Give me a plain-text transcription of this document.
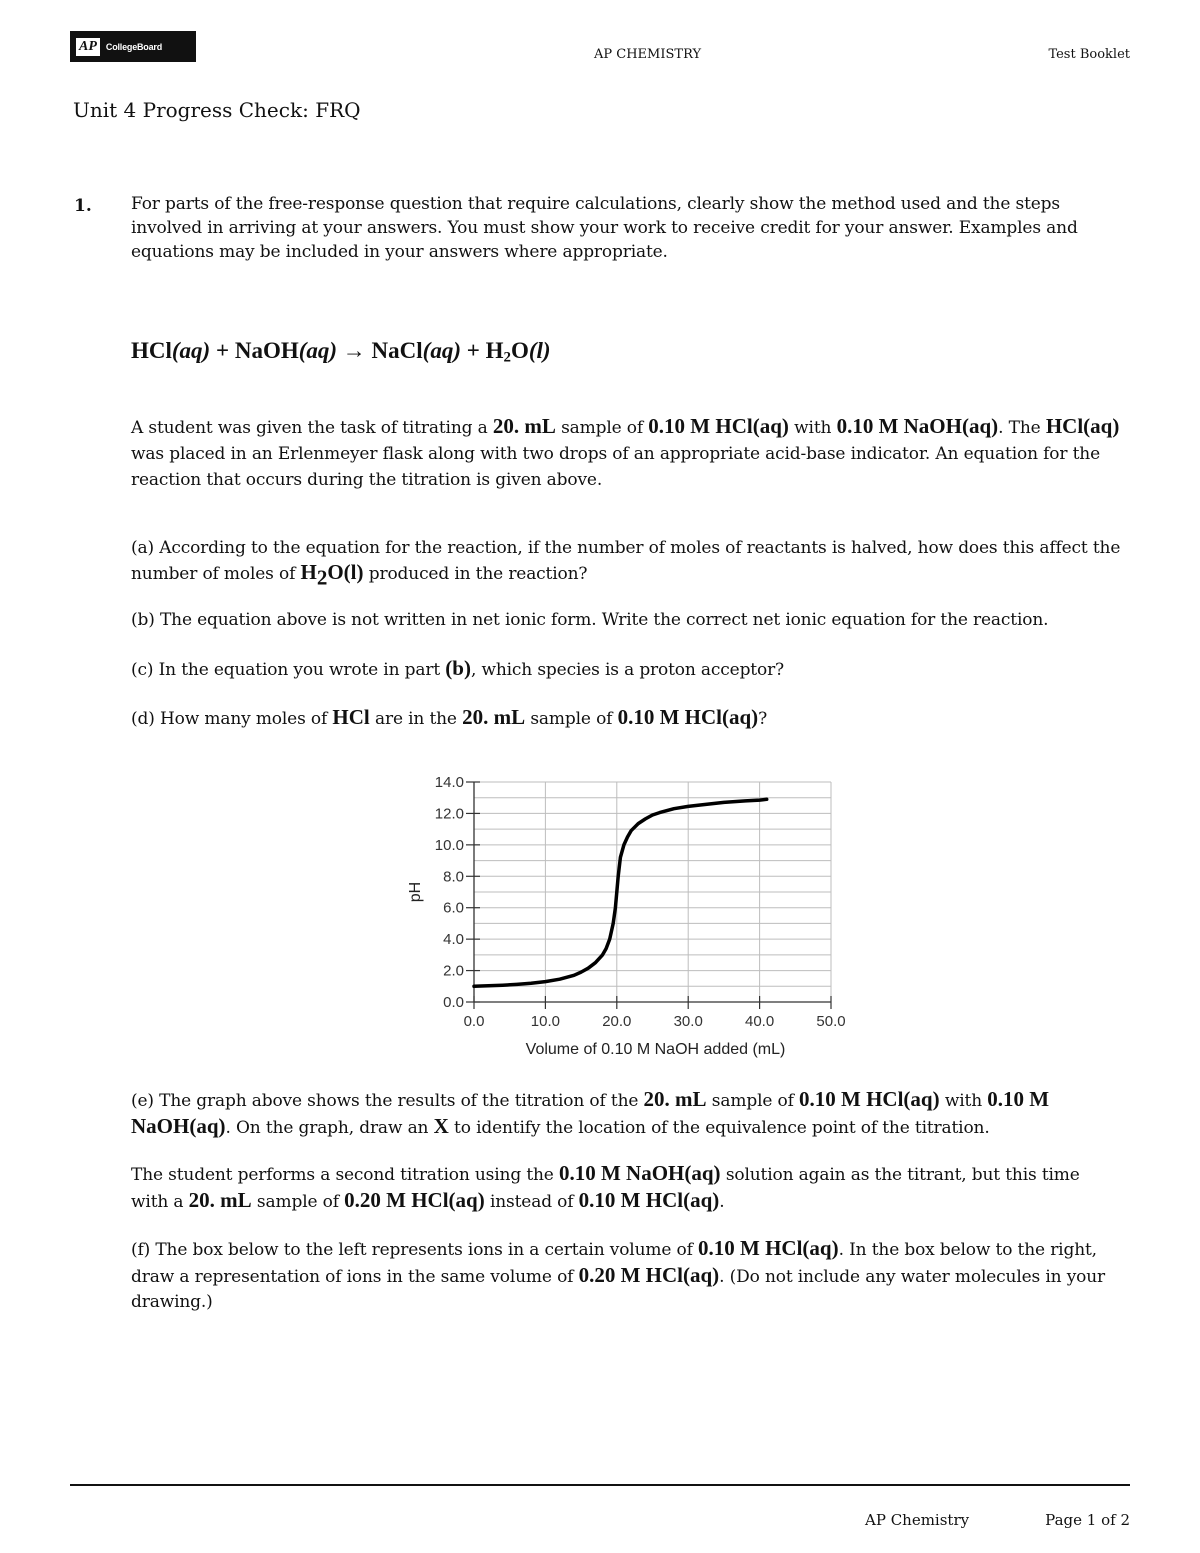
AP	CollegeBoard
AP CHEMISTRY	Test Booklet
Unit 4 Progress Check: FRQ
1. For parts of the free-response question that require calculations, clearly show the method used and the steps involved in arriving at your answers. You must show your work to receive credit for your answer. Examples and equations may be included in your answers where appropriate.

HCl(aq) + NaOH(aq) → NaCl(aq) + $H_2O(l)$

A student was given the task of titrating a 20. mL sample of 0.10 M HCl(aq) with 0.10 M NaOH(aq). The HCl(aq) was placed in an Erlenmeyer flask along with two drops of an appropriate acid-base indicator. An equation for the reaction that occurs during the titration is given above.

(a) According to the equation for the reaction, if the number of moles of reactants is halved, how does this affect the number of moles of $H_2O(l)$ produced in the reaction?

(b) The equation above is not written in net ionic form. Write the correct net ionic equation for the reaction.

(c) In the equation you wrote in part (b), which species is a proton acceptor?

(d) How many moles of HCl are in the 20. mL sample of 0.10 M HCl(aq)?

0.0
2.0
4.0
6.0
8.0
10.0
12.0
14.0
0.0	10.0	20.0	30.0	40.0	50.0
pH
Volume of 0.10 M NaOH added (mL)

(e) The graph above shows the results of the titration of the 20. mL sample of 0.10 M HCl(aq) with 0.10 M NaOH(aq). On the graph, draw an X to identify the location of the equivalence point of the titration.

The student performs a second titration using the 0.10 M NaOH(aq) solution again as the titrant, but this time with a 20. mL sample of 0.20 M HCl(aq) instead of 0.10 M HCl(aq).

(f) The box below to the left represents ions in a certain volume of 0.10 M HCl(aq). In the box below to the right, draw a representation of ions in the same volume of 0.20 M HCl(aq). (Do not include any water molecules in your drawing.)

AP Chemistry	Page 1 of 2
